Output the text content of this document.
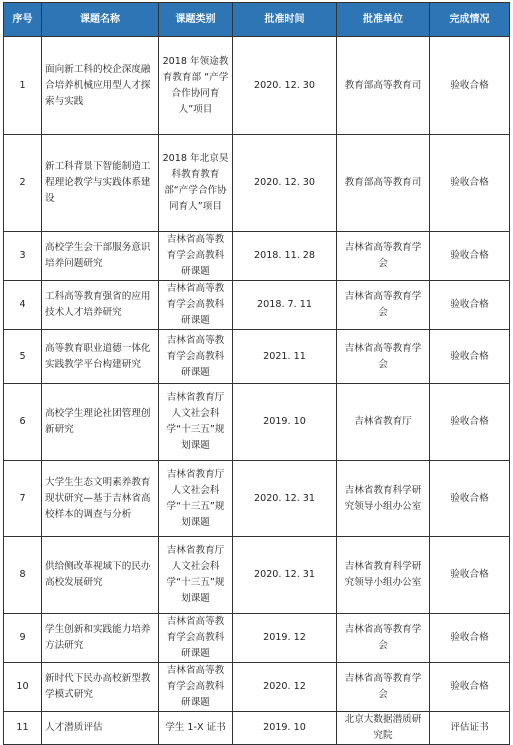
序号	课题名称	课题类别	批准时间	批准单位	完成情况
1	面向新工科的校企深度融合培养机械应用型人才探索与实践	2018 年领途教育教育部 “产学合作协同育人”项目	2020. 12. 30	教育部高等教育司	验收合格
2	新工科背景下智能制造工程理论教学与实践体系建设	2018 年北京昊科教育教育部“产学合作协同育人”项目	2020. 12. 30	教育部高等教育司	验收合格
3	高校学生会干部服务意识培养问题研究	吉林省高等教育学会高教科研课题	2018. 11. 28	吉林省高等教育学会	验收合格
4	工科高等教育强省的应用技术人才培养研究	吉林省高等教育学会高教科研课题	2018. 7. 11	吉林省高等教育学会	验收合格
5	高等教育职业道德一体化实践教学平台构建研究	吉林省高等教育学会高教科研课题	2021. 11	吉林省高等教育学会	验收合格
6	高校学生理论社团管理创新研究	吉林省教育厅人文社会科学“十三五”规划课题	2019. 10	吉林省教育厅	验收合格
7	大学生生态文明素养教育现状研究—基于吉林省高校样本的调查与分析	吉林省教育厅人文社会科学“十三五”规划课题	2020. 12. 31	吉林省教育科学研究领导小组办公室	验收合格
8	供给侧改革视域下的民办高校发展研究	吉林省教育厅人文社会科学“十三五”规划课题	2020. 12. 31	吉林省教育科学研究领导小组办公室	验收合格
9	学生创新和实践能力培养方法研究	吉林省高等教育学会高教科研课题	2019. 12	吉林省高等教育学会	验收合格
10	新时代下民办高校新型教学模式研究	吉林省高等教育学会高教科研课题	2020. 12	吉林省高等教育学会	验收合格
11	人才潜质评估	学生 1-X 证书	2019. 10	北京大数据潜质研究院	评估证书
